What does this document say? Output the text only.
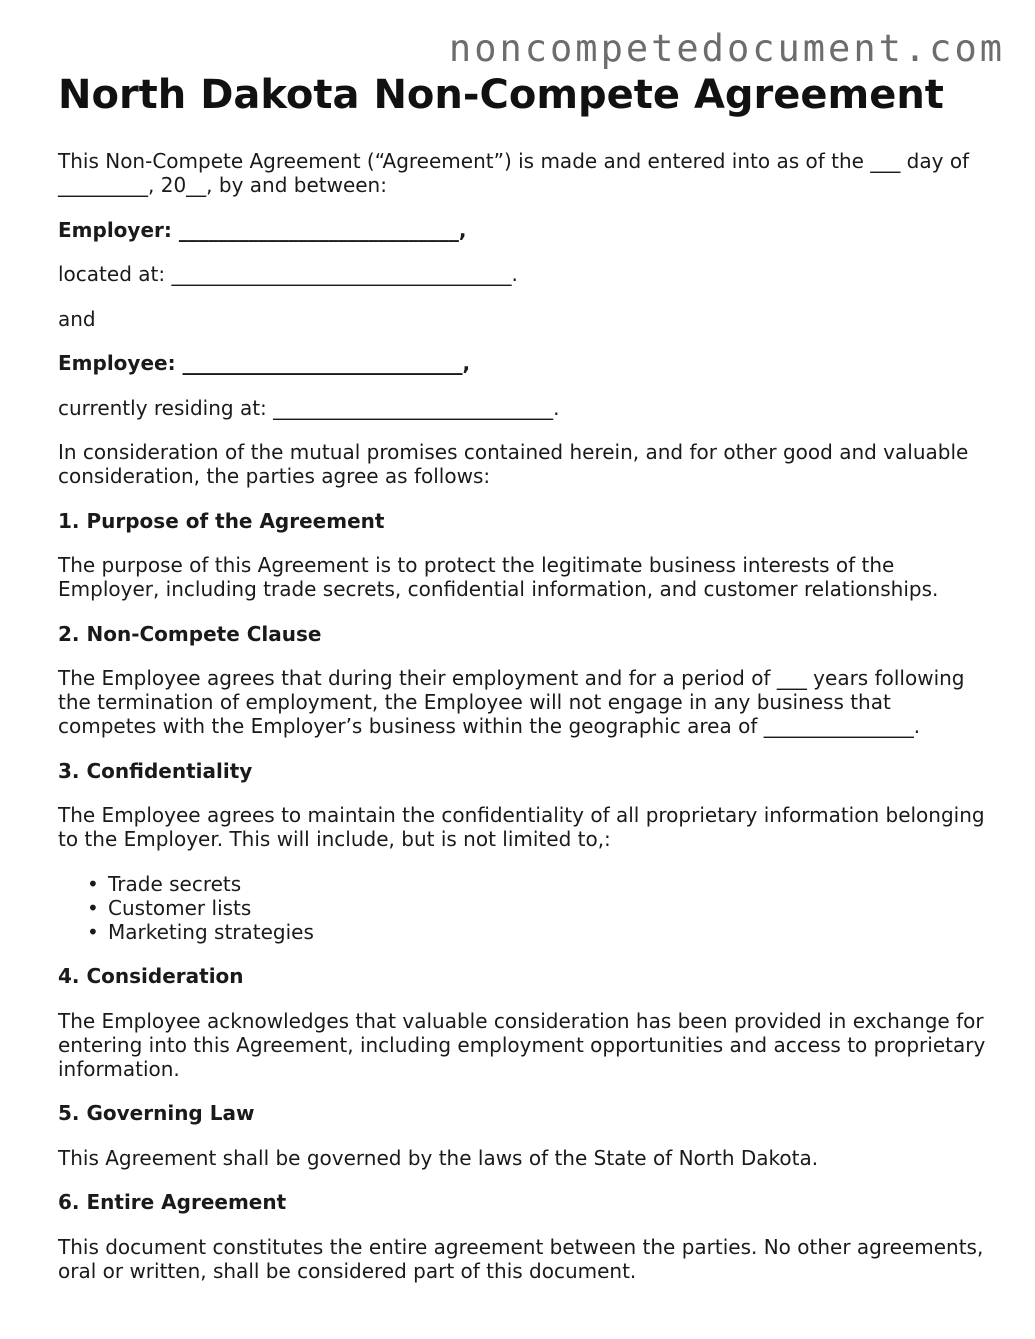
noncompetedocument.com
North Dakota Non-Compete Agreement

This Non-Compete Agreement (“Agreement”) is made and entered into as of the ___ day of _________, 20__, by and between:

Employer: ____________________________,

located at: __________________________________.

and

Employee: ____________________________,

currently residing at: ____________________________.

In consideration of the mutual promises contained herein, and for other good and valuable consideration, the parties agree as follows:

1. Purpose of the Agreement

The purpose of this Agreement is to protect the legitimate business interests of the Employer, including trade secrets, confidential information, and customer relationships.

2. Non-Compete Clause

The Employee agrees that during their employment and for a period of ___ years following the termination of employment, the Employee will not engage in any business that competes with the Employer’s business within the geographic area of _______________.

3. Confidentiality

The Employee agrees to maintain the confidentiality of all proprietary information belonging to the Employer. This will include, but is not limited to,:

• Trade secrets
• Customer lists
• Marketing strategies
4. Consideration

The Employee acknowledges that valuable consideration has been provided in exchange for entering into this Agreement, including employment opportunities and access to proprietary information.

5. Governing Law

This Agreement shall be governed by the laws of the State of North Dakota.

6. Entire Agreement

This document constitutes the entire agreement between the parties. No other agreements, oral or written, shall be considered part of this document.
